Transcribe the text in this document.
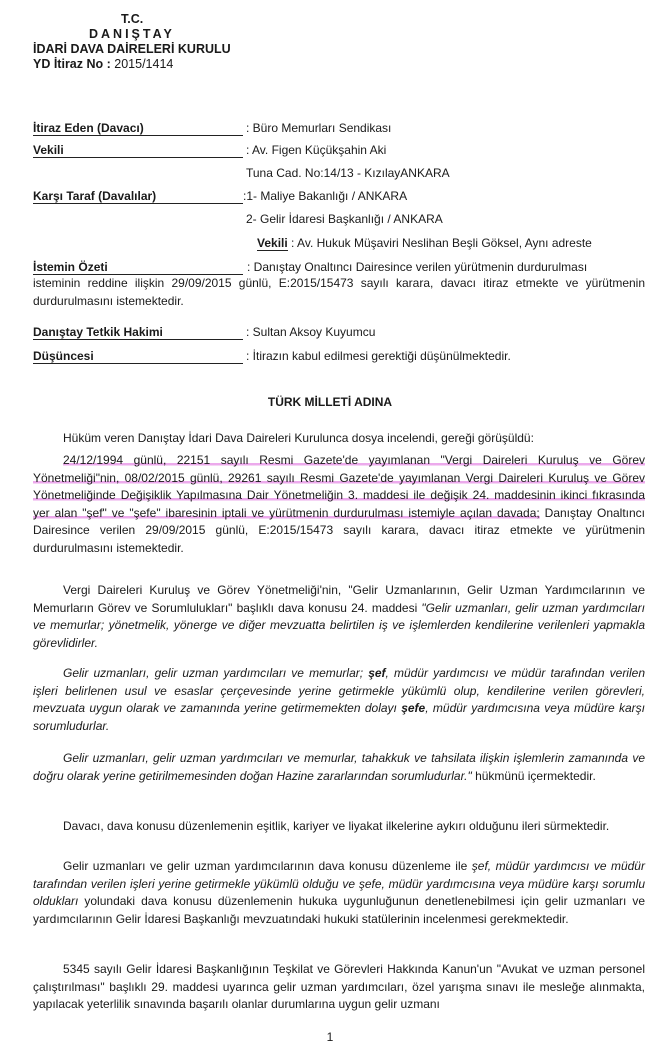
T.C.
DANIŞTAY
İDARİ DAVA DAİRELERİ KURULU
YD İtiraz No : 2015/1414
İtiraz Eden (Davacı)	: Büro Memurları Sendikası
Vekili	: Av. Figen Küçükşahin Aki
Tuna Cad. No:14/13 - KızılayANKARA
Karşı Taraf (Davalılar)	:1- Maliye Bakanlığı / ANKARA
2- Gelir İdaresi Başkanlığı / ANKARA
Vekili : Av. Hukuk Müşaviri Neslihan Beşli Göksel, Aynı adreste
İstemin Özeti	: Danıştay Onaltıncı Dairesince verilen yürütmenin durdurulması
isteminin reddine ilişkin 29/09/2015 günlü, E:2015/15473 sayılı karara, davacı itiraz etmekte ve yürütmenin durdurulmasını istemektedir.
Danıştay Tetkik Hakimi	: Sultan Aksoy Kuyumcu
Düşüncesi	: İtirazın kabul edilmesi gerektiği düşünülmektedir.
TÜRK MİLLETİ ADINA
Hüküm veren Danıştay İdari Dava Daireleri Kurulunca dosya incelendi, gereği görüşüldü:
24/12/1994 günlü, 22151 sayılı Resmi Gazete'de yayımlanan "Vergi Daireleri Kuruluş ve Görev Yönetmeliği"nin, 08/02/2015 günlü, 29261 sayılı Resmi Gazete'de yayımlanan Vergi Daireleri Kuruluş ve Görev Yönetmeliğinde Değişiklik Yapılmasına Dair Yönetmeliğin 3. maddesi ile değişik 24. maddesinin ikinci fıkrasında yer alan "şef" ve "şefe" ibaresinin iptali ve yürütmenin durdurulması istemiyle açılan davada; Danıştay Onaltıncı Dairesince verilen 29/09/2015 günlü, E:2015/15473 sayılı karara, davacı itiraz etmekte ve yürütmenin durdurulmasını istemektedir.
Vergi Daireleri Kuruluş ve Görev Yönetmeliği'nin, "Gelir Uzmanlarının, Gelir Uzman Yardımcılarının ve Memurların Görev ve Sorumlulukları" başlıklı dava konusu 24. maddesi "Gelir uzmanları, gelir uzman yardımcıları ve memurlar; yönetmelik, yönerge ve diğer mevzuatta belirtilen iş ve işlemlerden kendilerine verilenleri yapmakla görevlidirler.
Gelir uzmanları, gelir uzman yardımcıları ve memurlar; şef, müdür yardımcısı ve müdür tarafından verilen işleri belirlenen usul ve esaslar çerçevesinde yerine getirmekle yükümlü olup, kendilerine verilen görevleri, mevzuata uygun olarak ve zamanında yerine getirmemekten dolayı şefe, müdür yardımcısına veya müdüre karşı sorumludurlar.
Gelir uzmanları, gelir uzman yardımcıları ve memurlar, tahakkuk ve tahsilata ilişkin işlemlerin zamanında ve doğru olarak yerine getirilmemesinden doğan Hazine zararlarından sorumludurlar." hükmünü içermektedir.
Davacı, dava konusu düzenlemenin eşitlik, kariyer ve liyakat ilkelerine aykırı olduğunu ileri sürmektedir.
Gelir uzmanları ve gelir uzman yardımcılarının dava konusu düzenleme ile şef, müdür yardımcısı ve müdür tarafından verilen işleri yerine getirmekle yükümlü olduğu ve şefe, müdür yardımcısına veya müdüre karşı sorumlu oldukları yolundaki dava konusu düzenlemenin hukuka uygunluğunun denetlenebilmesi için gelir uzmanları ve yardımcılarının Gelir İdaresi Başkanlığı mevzuatındaki hukuki statülerinin incelenmesi gerekmektedir.
5345 sayılı Gelir İdaresi Başkanlığının Teşkilat ve Görevleri Hakkında Kanun'un "Avukat ve uzman personel çalıştırılması" başlıklı 29. maddesi uyarınca gelir uzman yardımcıları, özel yarışma sınavı ile mesleğe alınmakta, yapılacak yeterlilik sınavında başarılı olanlar durumlarına uygun gelir uzmanı
1
